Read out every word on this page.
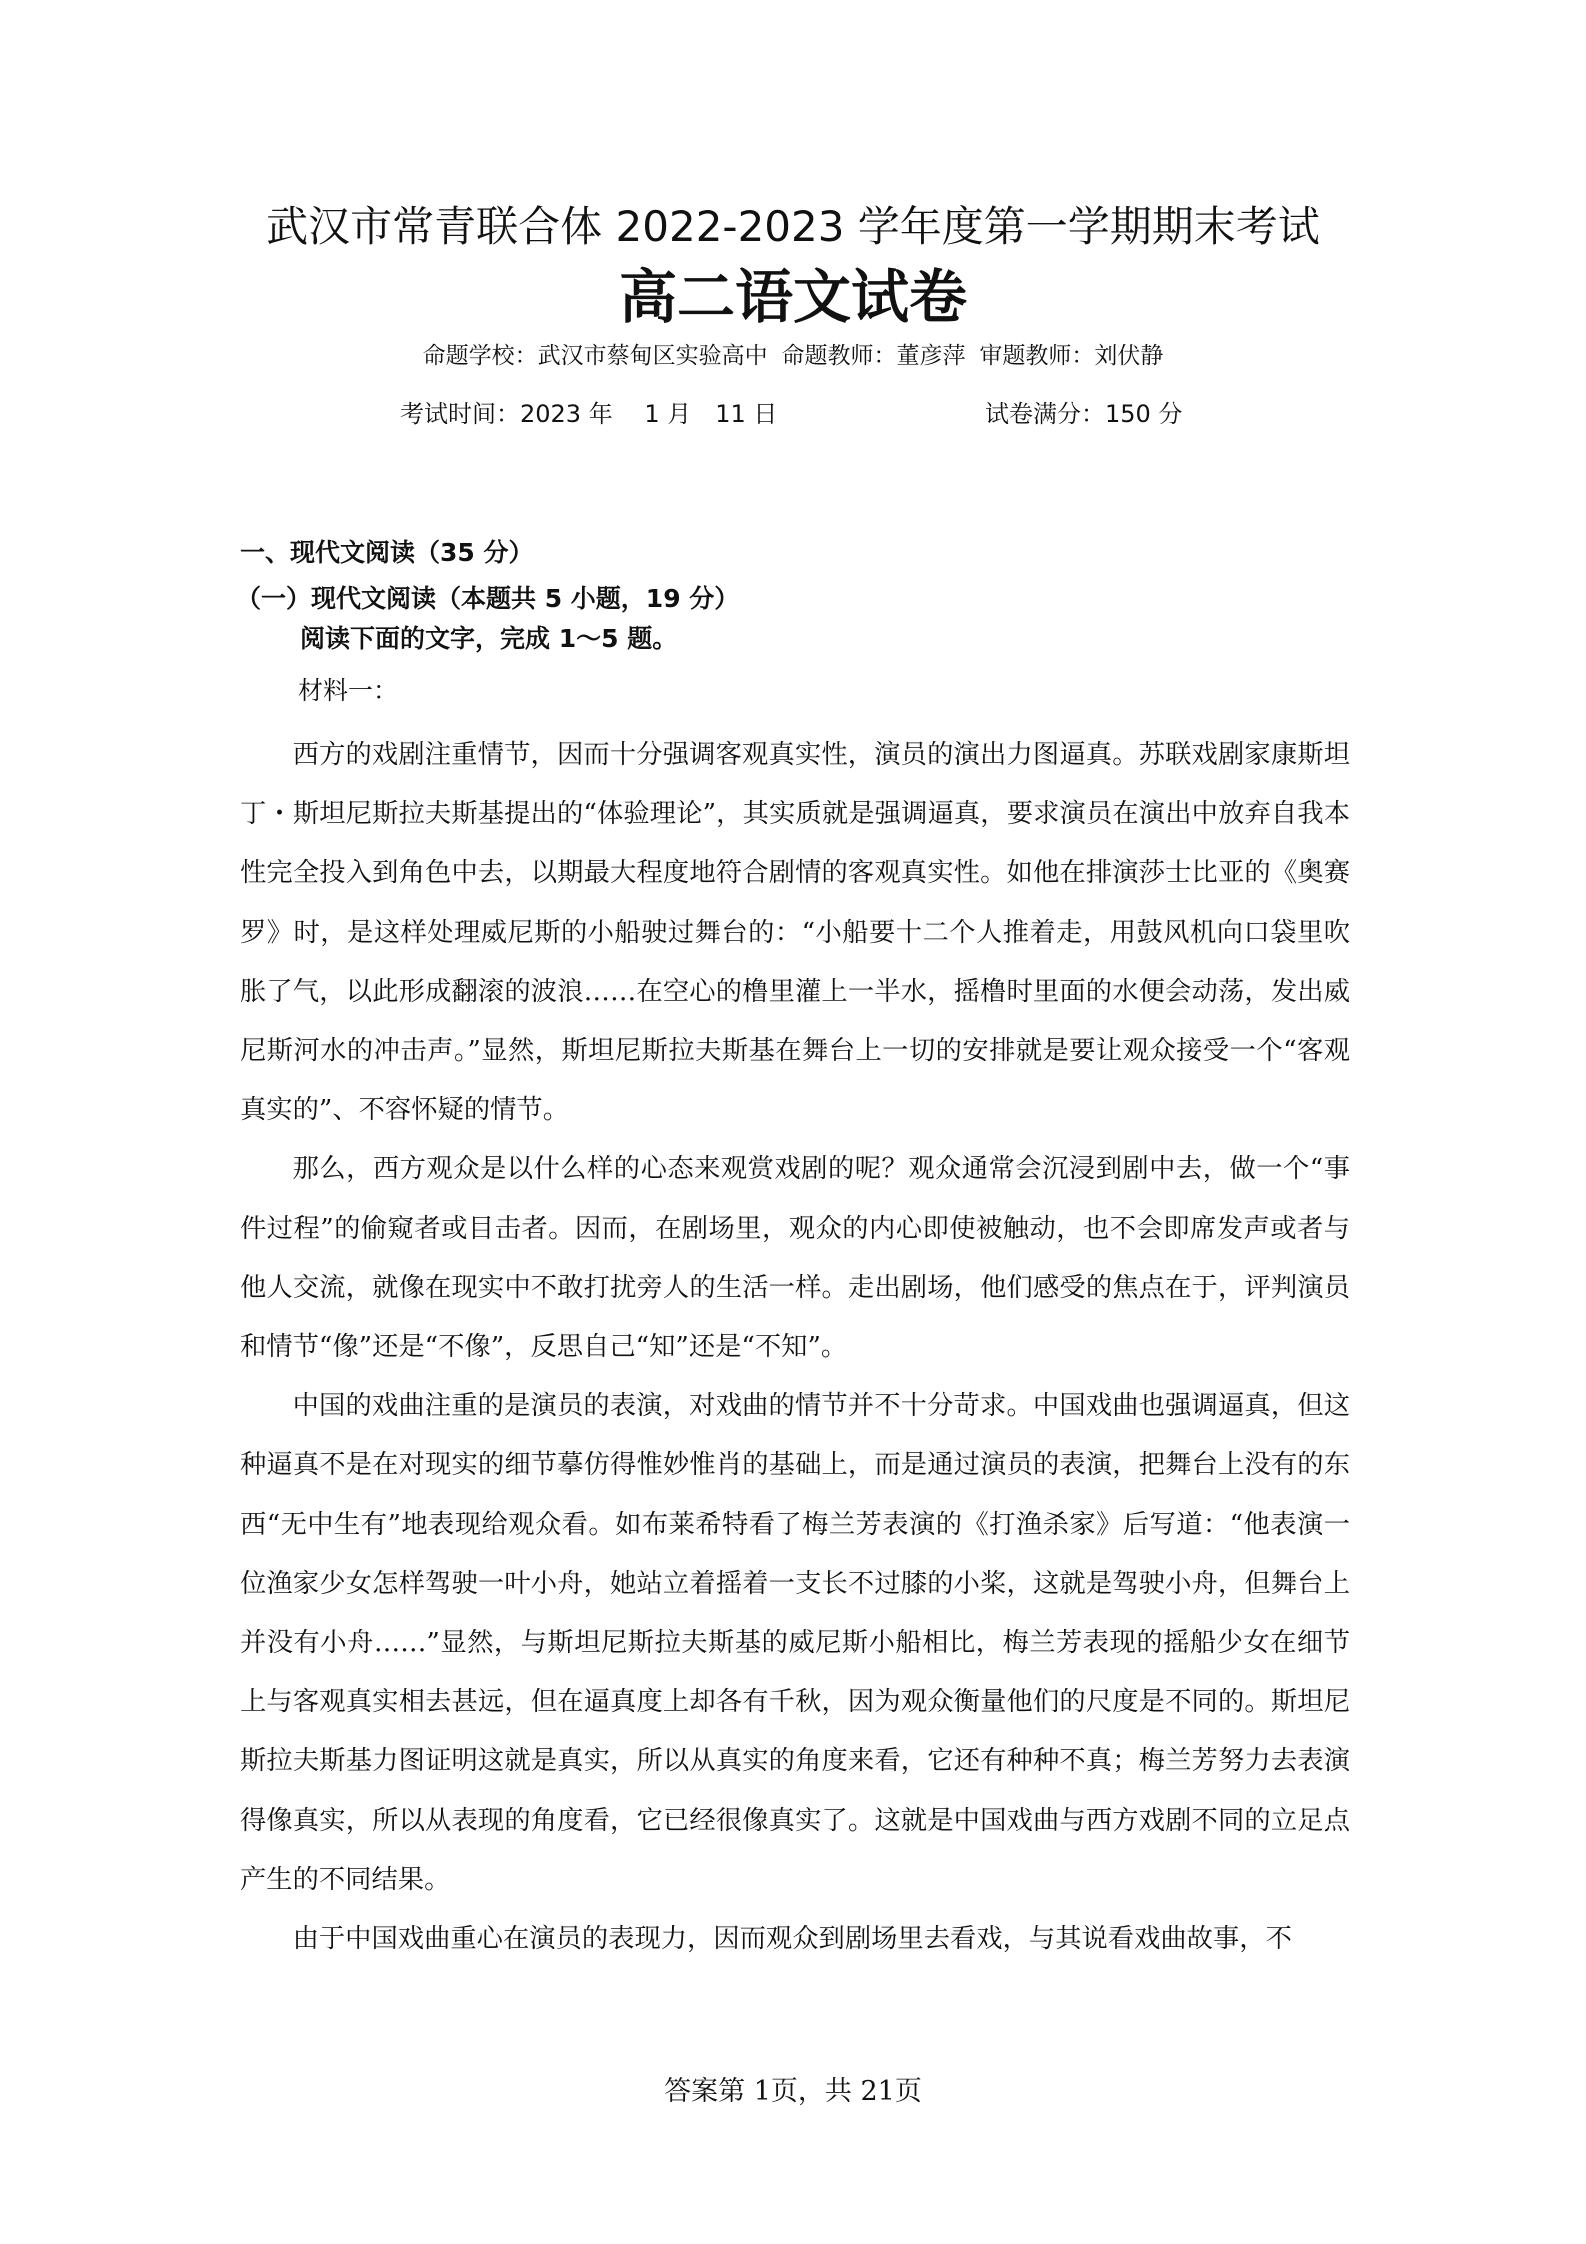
武汉市常青联合体 2022-2023 学年度第一学期期末考试
高二语文试卷
命题学校：武汉市蔡甸区实验高中 命题教师：董彦萍 审题教师：刘伏静
考试时间：2023 年　 1 月　11 日	试卷满分：150 分
一、现代文阅读（35 分）
（一）现代文阅读（本题共 5 小题，19 分）
阅读下面的文字，完成 1～5 题。
材料一：

西方的戏剧注重情节，因而十分强调客观真实性，演员的演出力图逼真。苏联戏剧家康斯坦丁・斯坦尼斯拉夫斯基提出的“体验理论”，其实质就是强调逼真，要求演员在演出中放弃自我本性完全投入到角色中去，以期最大程度地符合剧情的客观真实性。如他在排演莎士比亚的《奥赛罗》时，是这样处理威尼斯的小船驶过舞台的：“小船要十二个人推着走，用鼓风机向口袋里吹胀了气，以此形成翻滚的波浪……在空心的橹里灌上一半水，摇橹时里面的水便会动荡，发出威尼斯河水的冲击声。”显然，斯坦尼斯拉夫斯基在舞台上一切的安排就是要让观众接受一个“客观真实的”、不容怀疑的情节。

那么，西方观众是以什么样的心态来观赏戏剧的呢？观众通常会沉浸到剧中去，做一个“事件过程”的偷窥者或目击者。因而，在剧场里，观众的内心即使被触动，也不会即席发声或者与他人交流，就像在现实中不敢打扰旁人的生活一样。走出剧场，他们感受的焦点在于，评判演员和情节“像”还是“不像”，反思自己“知”还是“不知”。

中国的戏曲注重的是演员的表演，对戏曲的情节并不十分苛求。中国戏曲也强调逼真，但这种逼真不是在对现实的细节摹仿得惟妙惟肖的基础上，而是通过演员的表演，把舞台上没有的东西“无中生有”地表现给观众看。如布莱希特看了梅兰芳表演的《打渔杀家》后写道：“他表演一位渔家少女怎样驾驶一叶小舟，她站立着摇着一支长不过膝的小桨，这就是驾驶小舟，但舞台上并没有小舟……”显然，与斯坦尼斯拉夫斯基的威尼斯小船相比，梅兰芳表现的摇船少女在细节上与客观真实相去甚远，但在逼真度上却各有千秋，因为观众衡量他们的尺度是不同的。斯坦尼斯拉夫斯基力图证明这就是真实，所以从真实的角度来看，它还有种种不真；梅兰芳努力去表演得像真实，所以从表现的角度看，它已经很像真实了。这就是中国戏曲与西方戏剧不同的立足点产生的不同结果。

由于中国戏曲重心在演员的表现力，因而观众到剧场里去看戏，与其说看戏曲故事，不

答案第 1页，共 21页
